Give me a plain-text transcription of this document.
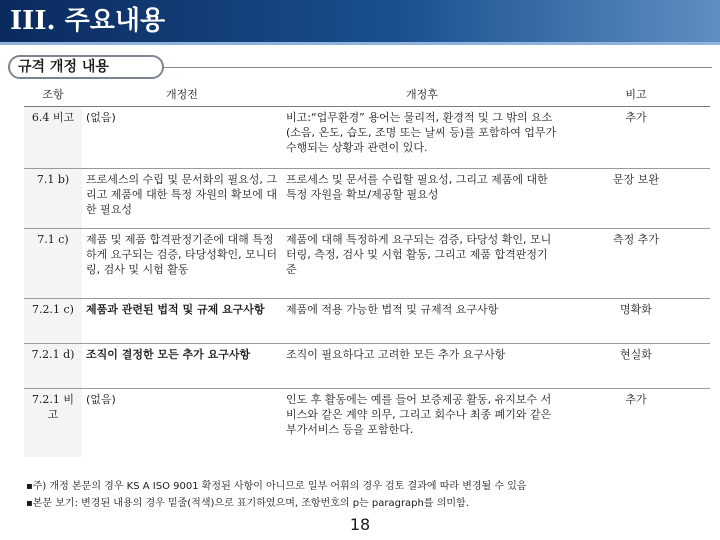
III. 주요내용
규격 개정 내용
조항	개정전	개정후	비고
6.4 비고	(없음)	비고:“업무환경” 용어는 물리적, 환경적 및 그 밖의 요소(소음, 온도, 습도, 조명 또는 날씨 등)를 포함하여 업무가 수행되는 상황과 관련이 있다.	추가
7.1 b)	프로세스의 수립 및 문서화의 필요성, 그리고 제품에 대한 특정 자원의 확보에 대한 필요성	프로세스 및 문서를 수립할 필요성, 그리고 제품에 대한 특정 자원을 확보/제공할 필요성	문장 보완
7.1 c)	제품 및 제품 합격판정기준에 대해 특정하게 요구되는 검증, 타당성확인, 모니터링, 검사 및 시험 활동	제품에 대해 특정하게 요구되는 검증, 타당성 확인, 모니터링, 측정, 검사 및 시험 활동, 그리고 제품 합격판정기준	측정 추가
7.2.1 c)	제품과 관련된 법적 및 규제 요구사항	제품에 적용 가능한 법적 및 규제적 요구사항	명확화
7.2.1 d)	조직이 결정한 모든 추가 요구사항	조직이 필요하다고 고려한 모든 추가 요구사항	현실화
7.2.1 비고	(없음)	인도 후 활동에는 예를 들어 보증제공 활동, 유지보수 서비스와 같은 계약 의무, 그리고 회수나 최종 폐기와 같은 부가서비스 등을 포함한다.	추가
▪주) 개정 본문의 경우 KS A ISO 9001 확정된 사항이 아니므로 일부 어휘의 경우 검토 결과에 따라 변경될 수 있음
▪본문 보기: 변경된 내용의 경우 밑줄(적색)으로 표기하였으며, 조항번호의 p는 paragraph를 의미함.
18
